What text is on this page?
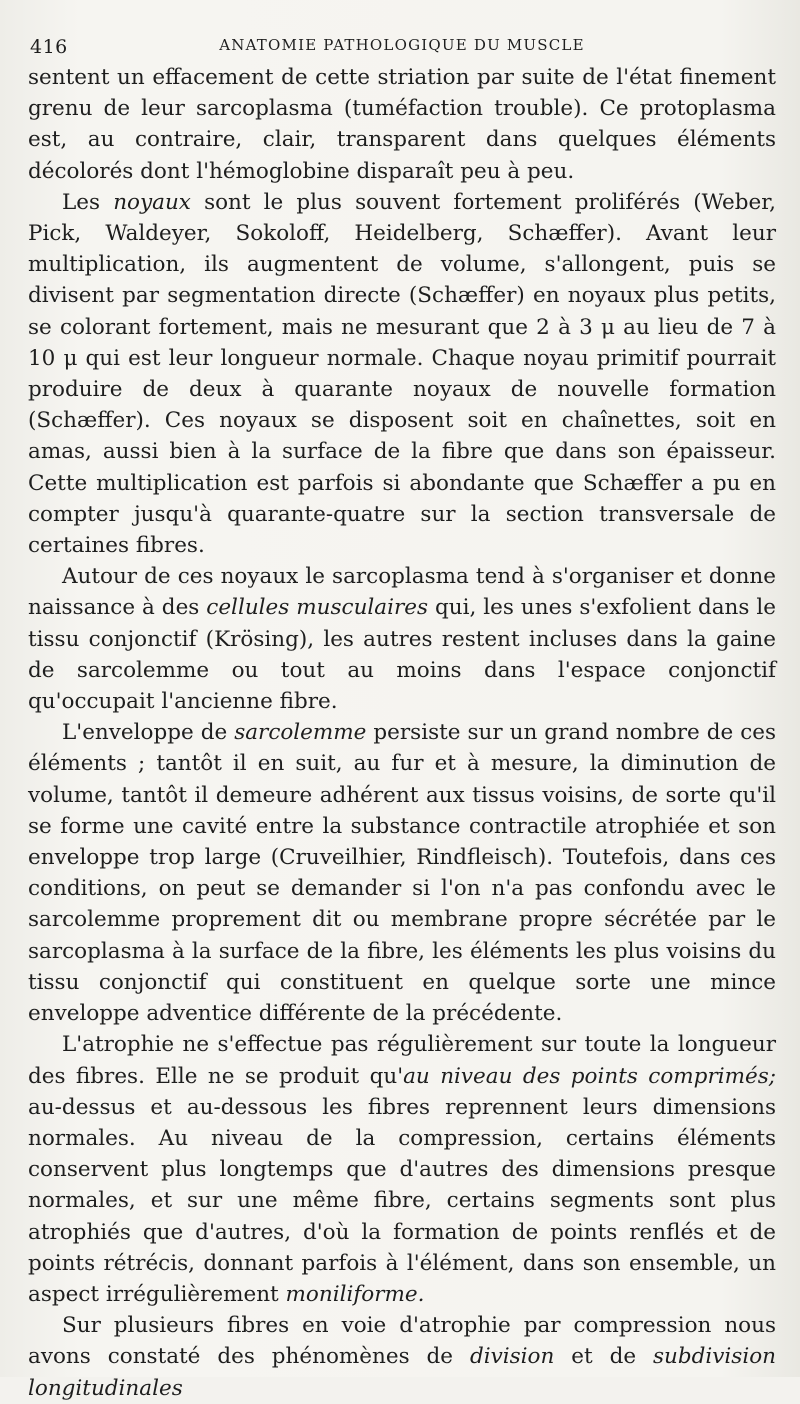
416	ANATOMIE PATHOLOGIQUE DU MUSCLE

sentent un effacement de cette striation par suite de l'état finement grenu de leur sarcoplasma (tuméfaction trouble). Ce protoplasma est, au contraire, clair, transparent dans quelques éléments décolorés dont l'hémoglobine disparaît peu à peu.

Les noyaux sont le plus souvent fortement proliférés (Weber, Pick, Waldeyer, Sokoloff, Heidelberg, Schæffer). Avant leur multiplication, ils augmentent de volume, s'allongent, puis se divisent par segmentation directe (Schæffer) en noyaux plus petits, se colorant fortement, mais ne mesurant que 2 à 3 μ au lieu de 7 à 10 μ qui est leur longueur normale. Chaque noyau primitif pourrait produire de deux à quarante noyaux de nouvelle formation (Schæffer). Ces noyaux se disposent soit en chaînettes, soit en amas, aussi bien à la surface de la fibre que dans son épaisseur. Cette multiplication est parfois si abondante que Schæffer a pu en compter jusqu'à quarante-quatre sur la section transversale de certaines fibres.

Autour de ces noyaux le sarcoplasma tend à s'organiser et donne naissance à des cellules musculaires qui, les unes s'exfolient dans le tissu conjonctif (Krösing), les autres restent incluses dans la gaine de sarcolemme ou tout au moins dans l'espace conjonctif qu'occupait l'ancienne fibre.

L'enveloppe de sarcolemme persiste sur un grand nombre de ces éléments ; tantôt il en suit, au fur et à mesure, la diminution de volume, tantôt il demeure adhérent aux tissus voisins, de sorte qu'il se forme une cavité entre la substance contractile atrophiée et son enveloppe trop large (Cruveilhier, Rindfleisch). Toutefois, dans ces conditions, on peut se demander si l'on n'a pas confondu avec le sarcolemme proprement dit ou membrane propre sécrétée par le sarcoplasma à la surface de la fibre, les éléments les plus voisins du tissu conjonctif qui constituent en quelque sorte une mince enveloppe adventice différente de la précédente.

L'atrophie ne s'effectue pas régulièrement sur toute la longueur des fibres. Elle ne se produit qu'au niveau des points comprimés; au-dessus et au-dessous les fibres reprennent leurs dimensions normales. Au niveau de la compression, certains éléments conservent plus longtemps que d'autres des dimensions presque normales, et sur une même fibre, certains segments sont plus atrophiés que d'autres, d'où la formation de points renflés et de points rétrécis, donnant parfois à l'élément, dans son ensemble, un aspect irrégulièrement moniliforme.

Sur plusieurs fibres en voie d'atrophie par compression nous avons constaté des phénomènes de division et de subdivision longitudinales
